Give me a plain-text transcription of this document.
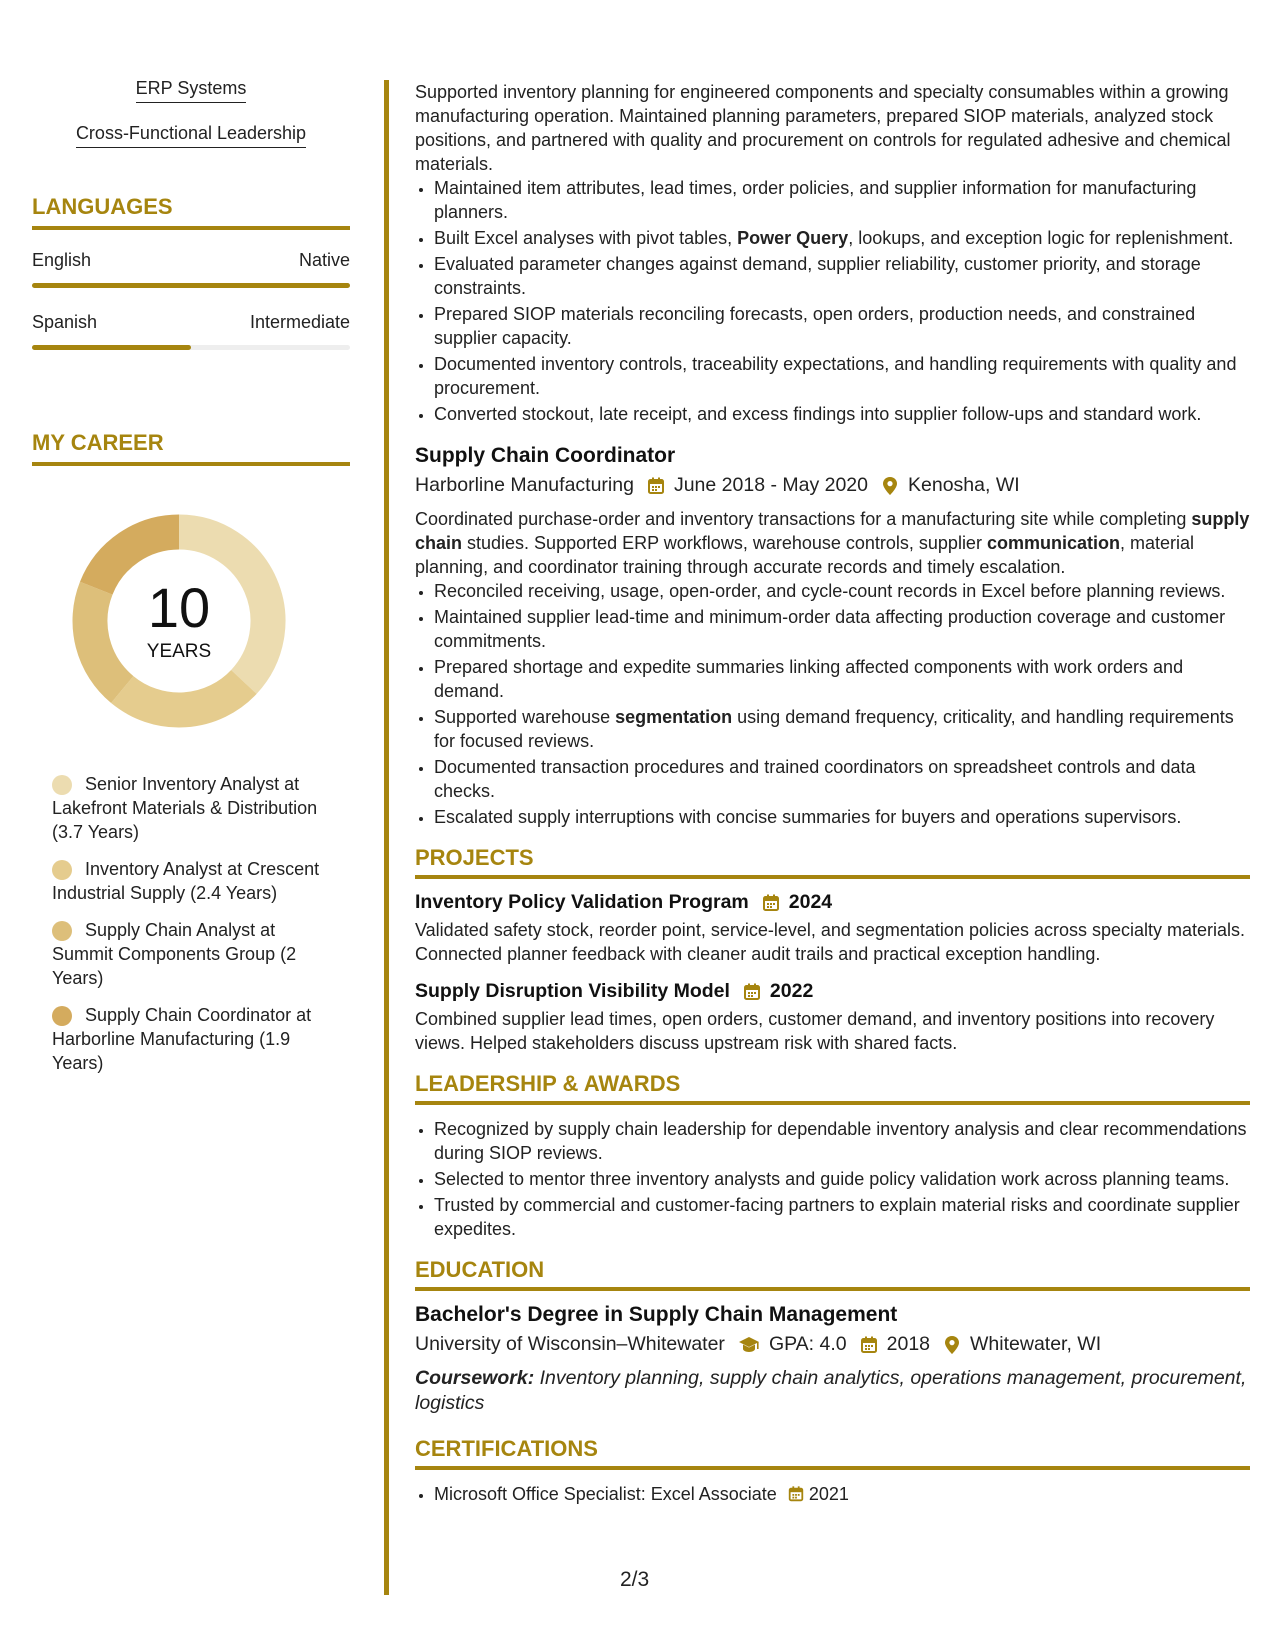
ERP Systems
Cross-Functional Leadership
LANGUAGES
English	Native
Spanish	Intermediate
MY CAREER
10
YEARS
Senior Inventory Analyst at Lakefront Materials & Distribution (3.7 Years)
Inventory Analyst at Crescent Industrial Supply (2.4 Years)
Supply Chain Analyst at Summit Components Group (2 Years)
Supply Chain Coordinator at Harborline Manufacturing (1.9 Years)

Supported inventory planning for engineered components and specialty consumables within a growing manufacturing operation. Maintained planning parameters, prepared SIOP materials, analyzed stock positions, and partnered with quality and procurement on controls for regulated adhesive and chemical materials.

• Maintained item attributes, lead times, order policies, and supplier information for manufacturing planners.
• Built Excel analyses with pivot tables, Power Query, lookups, and exception logic for replenishment.
• Evaluated parameter changes against demand, supplier reliability, customer priority, and storage constraints.
• Prepared SIOP materials reconciling forecasts, open orders, production needs, and constrained supplier capacity.
• Documented inventory controls, traceability expectations, and handling requirements with quality and procurement.
• Converted stockout, late receipt, and excess findings into supplier follow-ups and standard work.
Supply Chain Coordinator
Harborline Manufacturing June 2018 - May 2020 Kenosha, WI

Coordinated purchase-order and inventory transactions for a manufacturing site while completing supply chain studies. Supported ERP workflows, warehouse controls, supplier communication, material planning, and coordinator training through accurate records and timely escalation.

• Reconciled receiving, usage, open-order, and cycle-count records in Excel before planning reviews.
• Maintained supplier lead-time and minimum-order data affecting production coverage and customer commitments.
• Prepared shortage and expedite summaries linking affected components with work orders and demand.
• Supported warehouse segmentation using demand frequency, criticality, and handling requirements for focused reviews.
• Documented transaction procedures and trained coordinators on spreadsheet controls and data checks.
• Escalated supply interruptions with concise summaries for buyers and operations supervisors.
PROJECTS
Inventory Policy Validation Program 2024

Validated safety stock, reorder point, service-level, and segmentation policies across specialty materials. Connected planner feedback with cleaner audit trails and practical exception handling.

Supply Disruption Visibility Model 2022

Combined supplier lead times, open orders, customer demand, and inventory positions into recovery views. Helped stakeholders discuss upstream risk with shared facts.

LEADERSHIP & AWARDS
• Recognized by supply chain leadership for dependable inventory analysis and clear recommendations during SIOP reviews.
• Selected to mentor three inventory analysts and guide policy validation work across planning teams.
• Trusted by commercial and customer-facing partners to explain material risks and coordinate supplier expedites.
EDUCATION
Bachelor's Degree in Supply Chain Management
University of Wisconsin–Whitewater GPA: 4.0 2018 Whitewater, WI

Coursework: Inventory planning, supply chain analytics, operations management, procurement, logistics

CERTIFICATIONS
• Microsoft Office Specialist: Excel Associate 2021
2/3
